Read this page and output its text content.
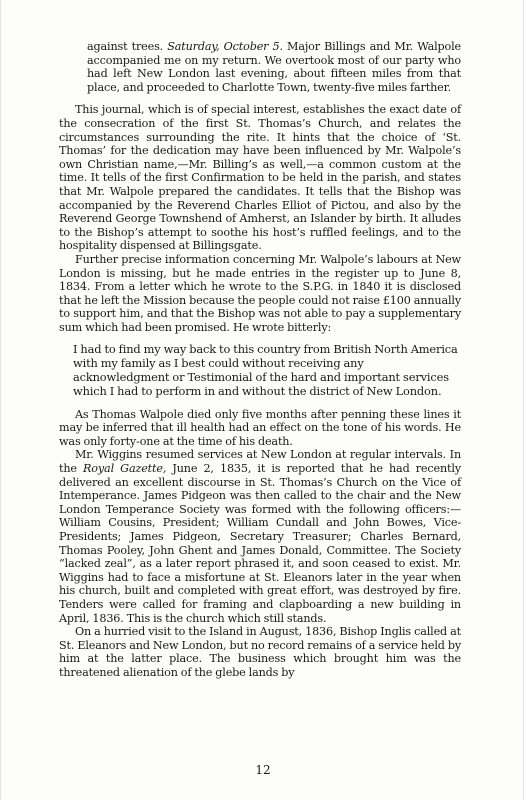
against trees. Saturday, October 5. Major Billings and Mr. Walpole accompanied me on my return. We overtook most of our party who had left New London last evening, about fifteen miles from that place, and proceeded to Charlotte Town, twenty-five miles farther.

This journal, which is of special interest, establishes the exact date of the consecration of the first St. Thomas’s Church, and relates the circumstances surrounding the rite. It hints that the choice of ‘St. Thomas’ for the dedication may have been influenced by Mr. Walpole’s own Christian name,—Mr. Billing’s as well,—a common custom at the time. It tells of the first Confirmation to be held in the parish, and states that Mr. Walpole prepared the candidates. It tells that the Bishop was accompanied by the Reverend Charles Elliot of Pictou, and also by the Reverend George Townshend of Amherst, an Islander by birth. It alludes to the Bishop’s attempt to soothe his host’s ruffled feelings, and to the hospitality dispensed at Billingsgate.

Further precise information concerning Mr. Walpole’s labours at New London is missing, but he made entries in the register up to June 8, 1834. From a letter which he wrote to the S.P.G. in 1840 it is disclosed that he left the Mission because the people could not raise £100 annually to support him, and that the Bishop was not able to pay a supplementary sum which had been promised. He wrote bitterly:

I had to find my way back to this country from British North America with my family as I best could without receiving any acknowledgment or Testimonial of the hard and important services which I had to perform in and without the district of New London.

As Thomas Walpole died only five months after penning these lines it may be inferred that ill health had an effect on the tone of his words. He was only forty-one at the time of his death.

Mr. Wiggins resumed services at New London at regular intervals. In the Royal Gazette, June 2, 1835, it is reported that he had recently delivered an excellent discourse in St. Thomas’s Church on the Vice of Intemperance. James Pidgeon was then called to the chair and the New London Temperance Society was formed with the following officers:—William Cousins, President; William Cundall and John Bowes, Vice-Presidents; James Pidgeon, Secretary Treasurer; Charles Bernard, Thomas Pooley, John Ghent and James Donald, Committee. The Society “lacked zeal”, as a later report phrased it, and soon ceased to exist. Mr. Wiggins had to face a misfortune at St. Eleanors later in the year when his church, built and completed with great effort, was destroyed by fire. Tenders were called for framing and clapboarding a new building in April, 1836. This is the church which still stands.

On a hurried visit to the Island in August, 1836, Bishop Inglis called at St. Eleanors and New London, but no record remains of a service held by him at the latter place. The business which brought him was the threatened alienation of the glebe lands by

12
